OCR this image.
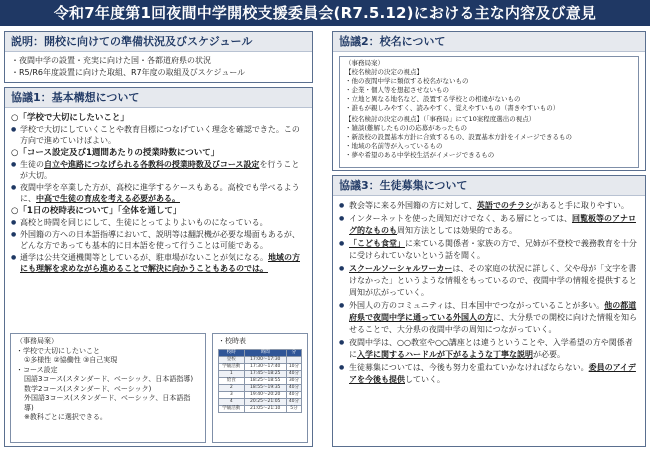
令和7年度第1回夜間中学開校支援委員会(R7.5.12)における主な内容及び意見
説明：開校に向けての準備状況及びスケジュール
・夜間中学の設置・充実に向けた国・各都道府県の状況
・R5/R6年度設置に向けた取組、R7年度の取組及びスケジュール
協議1：基本構想について
○「学校で大切にしたいこと」
● 学校で大切にしていくことや教育目標につなげていく理念を確認できた。この方向で進めていけばよい。
○「コース設定及び1週間あたりの授業時数について」
● 生徒の自立や進路につなげられる各教科の授業時数及びコース設定を行うことが大切。
● 夜間中学を卒業した方が、高校に進学するケースもある。高校でも学べるように、中高で生徒の育成を考える必要がある。
○「1日の校時表について」「全体を通して」
● 高校と時間を同じにして、生徒にとってよりよいものになっている。
● 外国籍の方への日本語指導において、説明等は翻訳機が必要な場面もあるが、どんな方であっても基本的に日本語を使って行うことは可能である。
● 通学は公共交通機関等としているが、駐車場がないことが気になる。地域の方にも理解を求めながら進めることで解決に向かうこともあるのでは。
（事務局案）
・学校で大切にしたいこと
①多様性 ②協働性 ③自己実現
・コース設定
国語3コース(スタンダード、ベーシック、日本語指導)
数学2コース(スタンダード、ベーシック)
外国語3コース(スタンダード、ベーシック、日本語指導)
※教科ごとに選択できる。
・校時表
校時	時間	分
登校	17:00〜17:30	
学級活動	17:30〜17:40	10分
1	17:45〜18:25	40分
給食	18:25〜18:55	30分
2	18:55〜19:35	40分
3	19:40〜20:20	40分
4	20:25〜21:05	40分
学級活動	21:05〜21:10	5分
協議2：校名について
（事務局案）
【校名検討の決定の視点】
・他の夜間中学に類似する校名がないもの
・企業・個人等を想起させないもの
・立地と異なる地名など、設置する学校との相違がないもの
・誰もが親しみやすく、読みやすく、覚えやすいもの（書きやすいもの）
【校名検討の決定の視点】（「事務局」にて10案程度選出の視点）
・雑談(難解したもの)の応募があったもの
・新設校の設置基本方針に合致するもの、設置基本方針をイメージできるもの
・地域の名前等が入っているもの
・夢や希望のある中学校生活がイメージできるもの
協議3：生徒募集について
● 教会等に来る外国籍の方に対して、英語でのチラシがあると手に取りやすい。
● インターネットを使った周知だけでなく、ある層にとっては、回覧板等のアナログ的なものも周知方法としては効果的である。
● 「こども食堂」に来ている関係者・家族の方で、兄姉が不登校で義務教育を十分に受けられていないという話を聞く。
● スクールソーシャルワーカーは、その家庭の状況に詳しく、父や母が「文字を書けなかった」というような情報をもっているので、夜間中学の情報を提供すると周知が広がっていく。
● 外国人の方のコミュニティは、日本国中でつながっていることが多い。他の都道府県で夜間中学に通っている外国人の方に、大分県での開校に向けた情報を知らせることで、大分県の夜間中学の周知につながっていく。
● 夜間中学は、○○教室や○○講座とは違うということや、入学希望の方や関係者に入学に関するハードルが下がるような丁寧な説明が必要。
● 生徒募集については、今後も努力を重ねていかなければならない。委員のアイデアを今後も提供していく。
